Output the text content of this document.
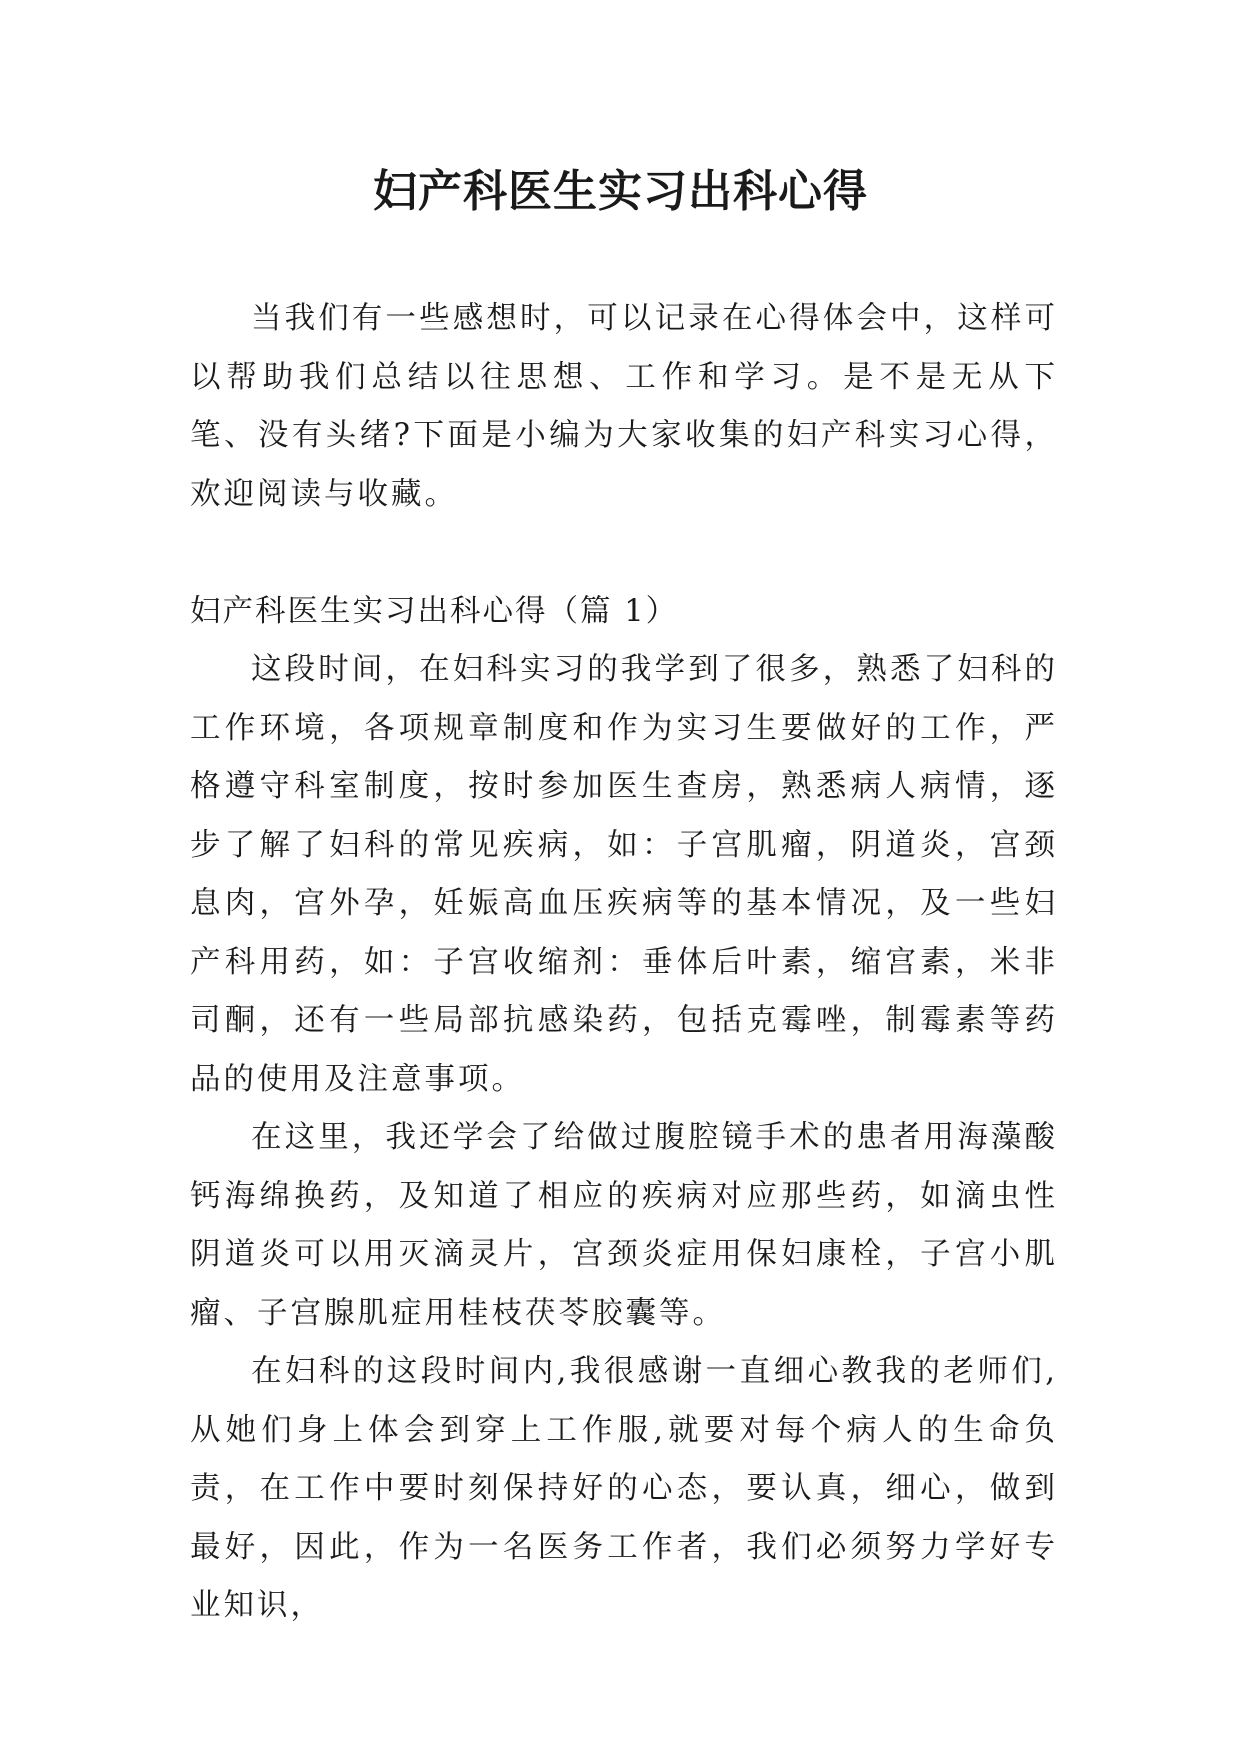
妇产科医生实习出科心得

当我们有一些感想时，可以记录在心得体会中，这样可以帮助我们总结以往思想、工作和学习。是不是无从下笔、没有头绪?下面是小编为大家收集的妇产科实习心得，欢迎阅读与收藏。

妇产科医生实习出科心得（篇 1）

这段时间，在妇科实习的我学到了很多，熟悉了妇科的工作环境，各项规章制度和作为实习生要做好的工作，严格遵守科室制度，按时参加医生查房，熟悉病人病情，逐步了解了妇科的常见疾病，如：子宫肌瘤，阴道炎，宫颈息肉，宫外孕，妊娠高血压疾病等的基本情况，及一些妇产科用药，如：子宫收缩剂：垂体后叶素，缩宫素，米非司酮，还有一些局部抗感染药，包括克霉唑，制霉素等药品的使用及注意事项。

在这里，我还学会了给做过腹腔镜手术的患者用海藻酸钙海绵换药，及知道了相应的疾病对应那些药，如滴虫性阴道炎可以用灭滴灵片，宫颈炎症用保妇康栓，子宫小肌瘤、子宫腺肌症用桂枝茯苓胶囊等。

在妇科的这段时间内,我很感谢一直细心教我的老师们,从她们身上体会到穿上工作服,就要对每个病人的生命负责，在工作中要时刻保持好的心态，要认真，细心，做到最好，因此，作为一名医务工作者，我们必须努力学好专业知识，
